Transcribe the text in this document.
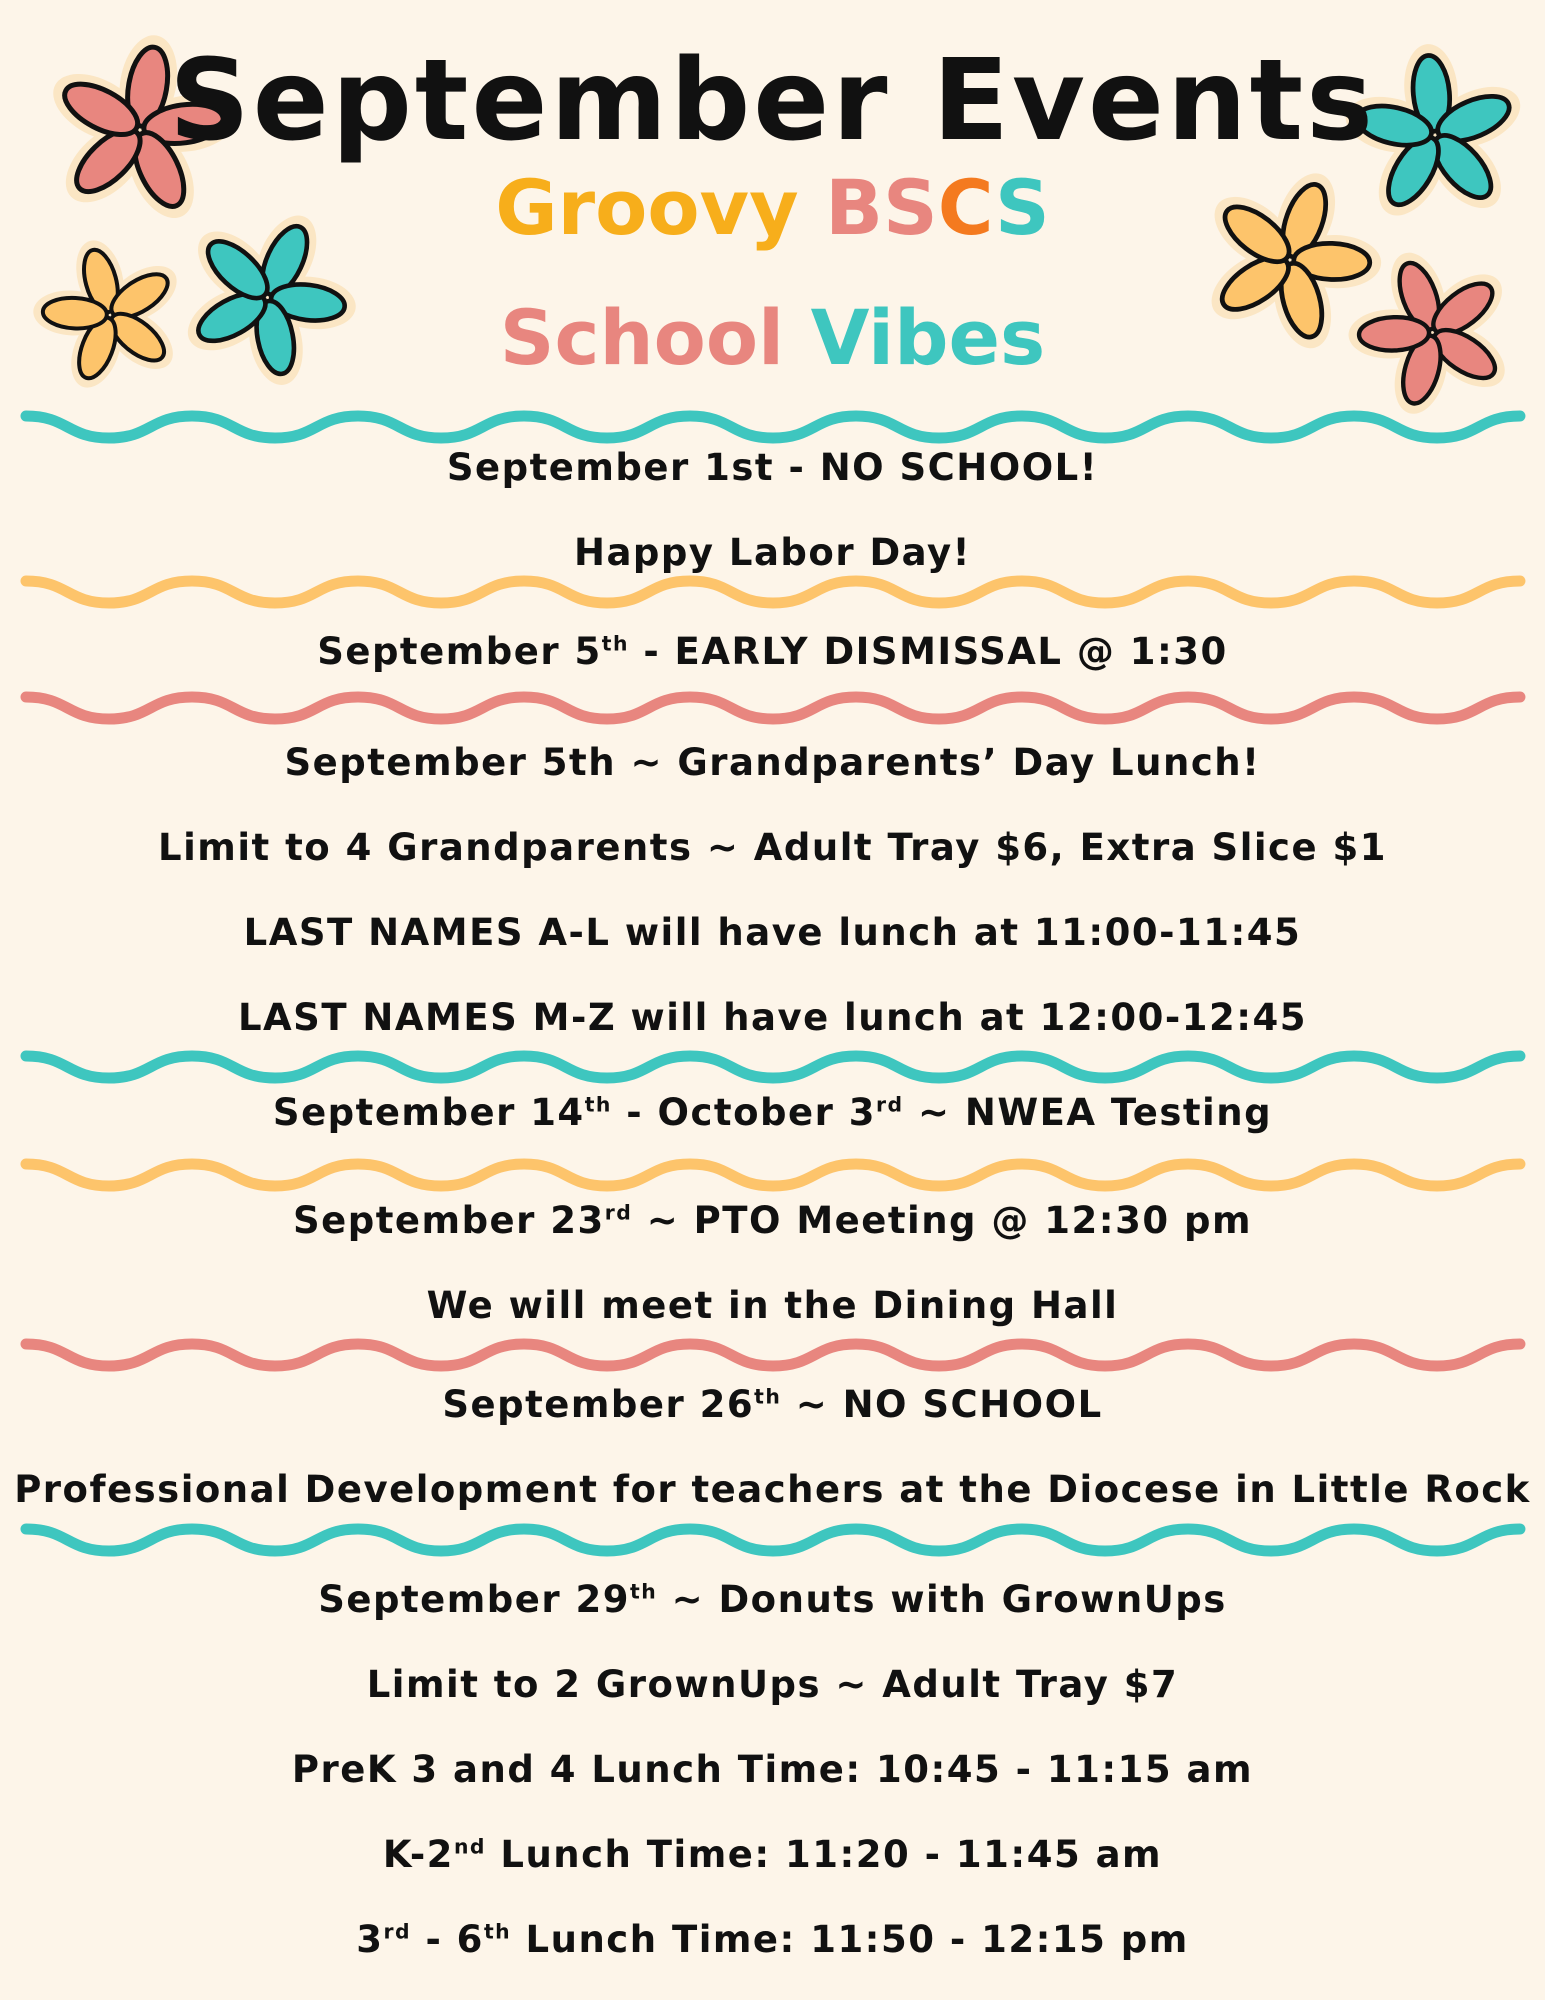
September Events
Groovy BSCS
School Vibes
September 1st - NO SCHOOL!
Happy Labor Day!
September 5th - EARLY DISMISSAL @ 1:30
September 5th ~ Grandparents’ Day Lunch!
Limit to 4 Grandparents ~ Adult Tray $6, Extra Slice $1
LAST NAMES A-L will have lunch at 11:00-11:45
LAST NAMES M-Z will have lunch at 12:00-12:45
September 14th - October 3rd ~ NWEA Testing
September 23rd ~ PTO Meeting @ 12:30 pm
We will meet in the Dining Hall
September 26th ~ NO SCHOOL
Professional Development for teachers at the Diocese in Little Rock
September 29th ~ Donuts with GrownUps
Limit to 2 GrownUps ~ Adult Tray $7
PreK 3 and 4 Lunch Time: 10:45 - 11:15 am
K-2nd Lunch Time: 11:20 - 11:45 am
3rd - 6th Lunch Time: 11:50 - 12:15 pm
